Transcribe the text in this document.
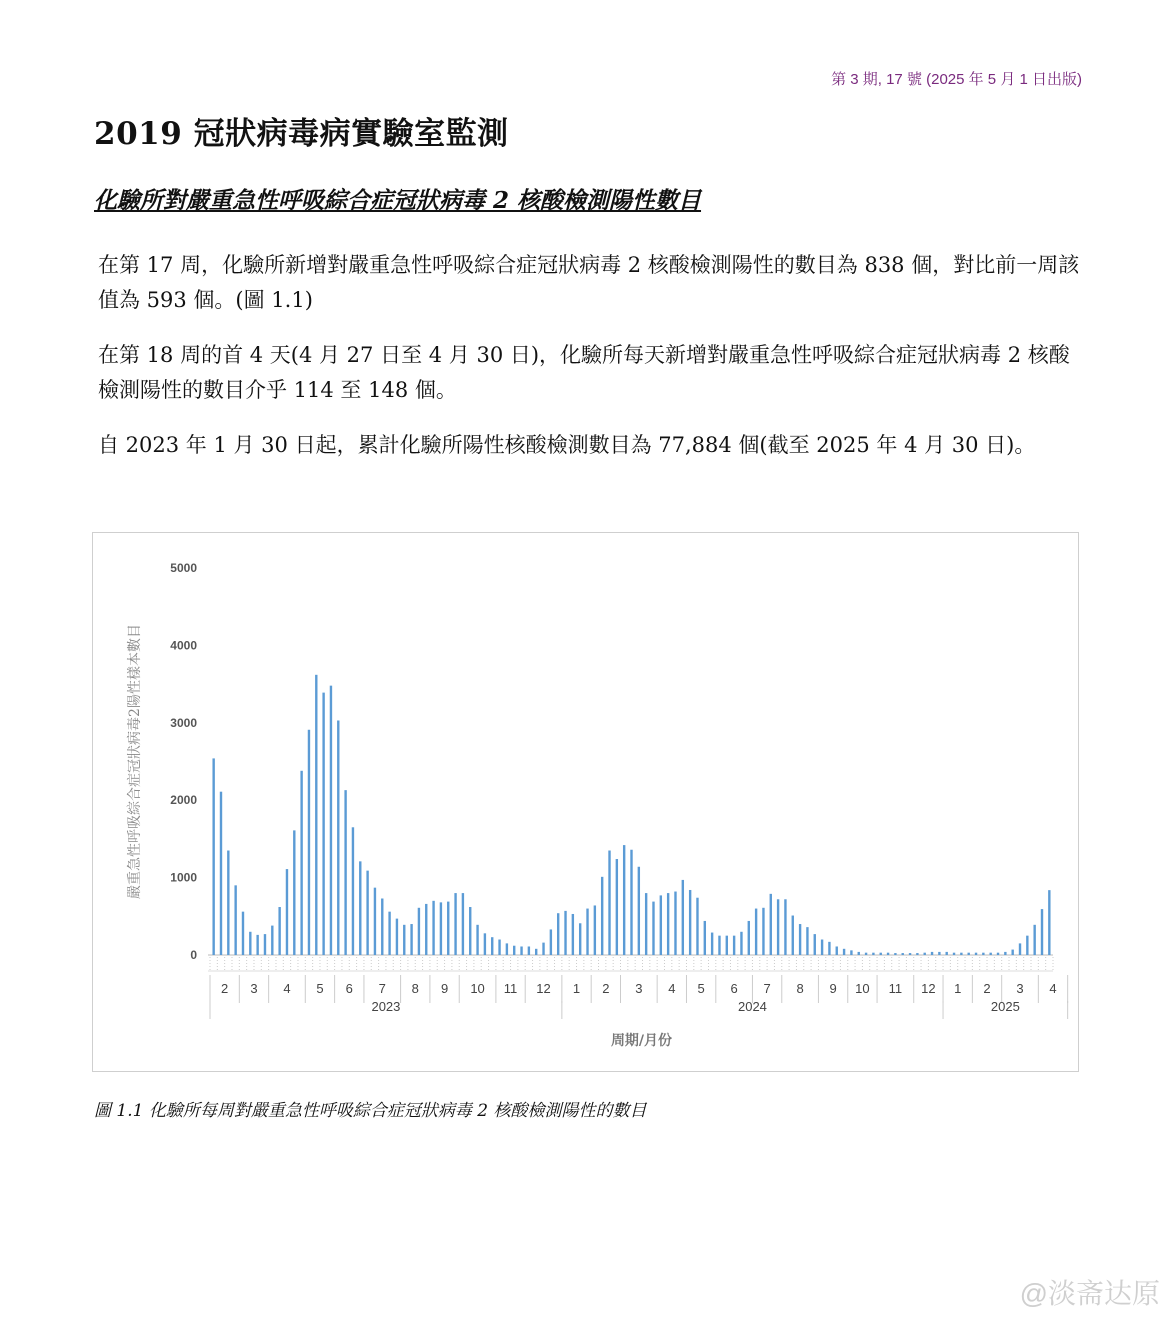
第 3 期, 17 號 (2025 年 5 月 1 日出版)
2019 冠狀病毒病實驗室監測
化驗所對嚴重急性呼吸綜合症冠狀病毒 2 核酸檢測陽性數目

在第 17 周，化驗所新增對嚴重急性呼吸綜合症冠狀病毒 2 核酸檢測陽性的數目為 838 個，對比前一周該值為 593 個。(圖 1.1)

在第 18 周的首 4 天(4 月 27 日至 4 月 30 日)，化驗所每天新增對嚴重急性呼吸綜合症冠狀病毒 2 核酸檢測陽性的數目介乎 114 至 148 個。

自 2023 年 1 月 30 日起，累計化驗所陽性核酸檢測數目為 77,884 個(截至 2025 年 4 月 30 日)。

0
1000
2000
3000
4000
5000
嚴重急性呼吸綜合症冠狀病毒2陽性樣本數目
2 3 4 5 6 7 8 9 10 11 12 1 2 3 4 5 6 7 8 9 10 11 12 1 2 3 4
2023	2024	2025
周期/月份

圖 1.1 化驗所每周對嚴重急性呼吸綜合症冠狀病毒 2 核酸檢測陽性的數目

@淡斋达原
